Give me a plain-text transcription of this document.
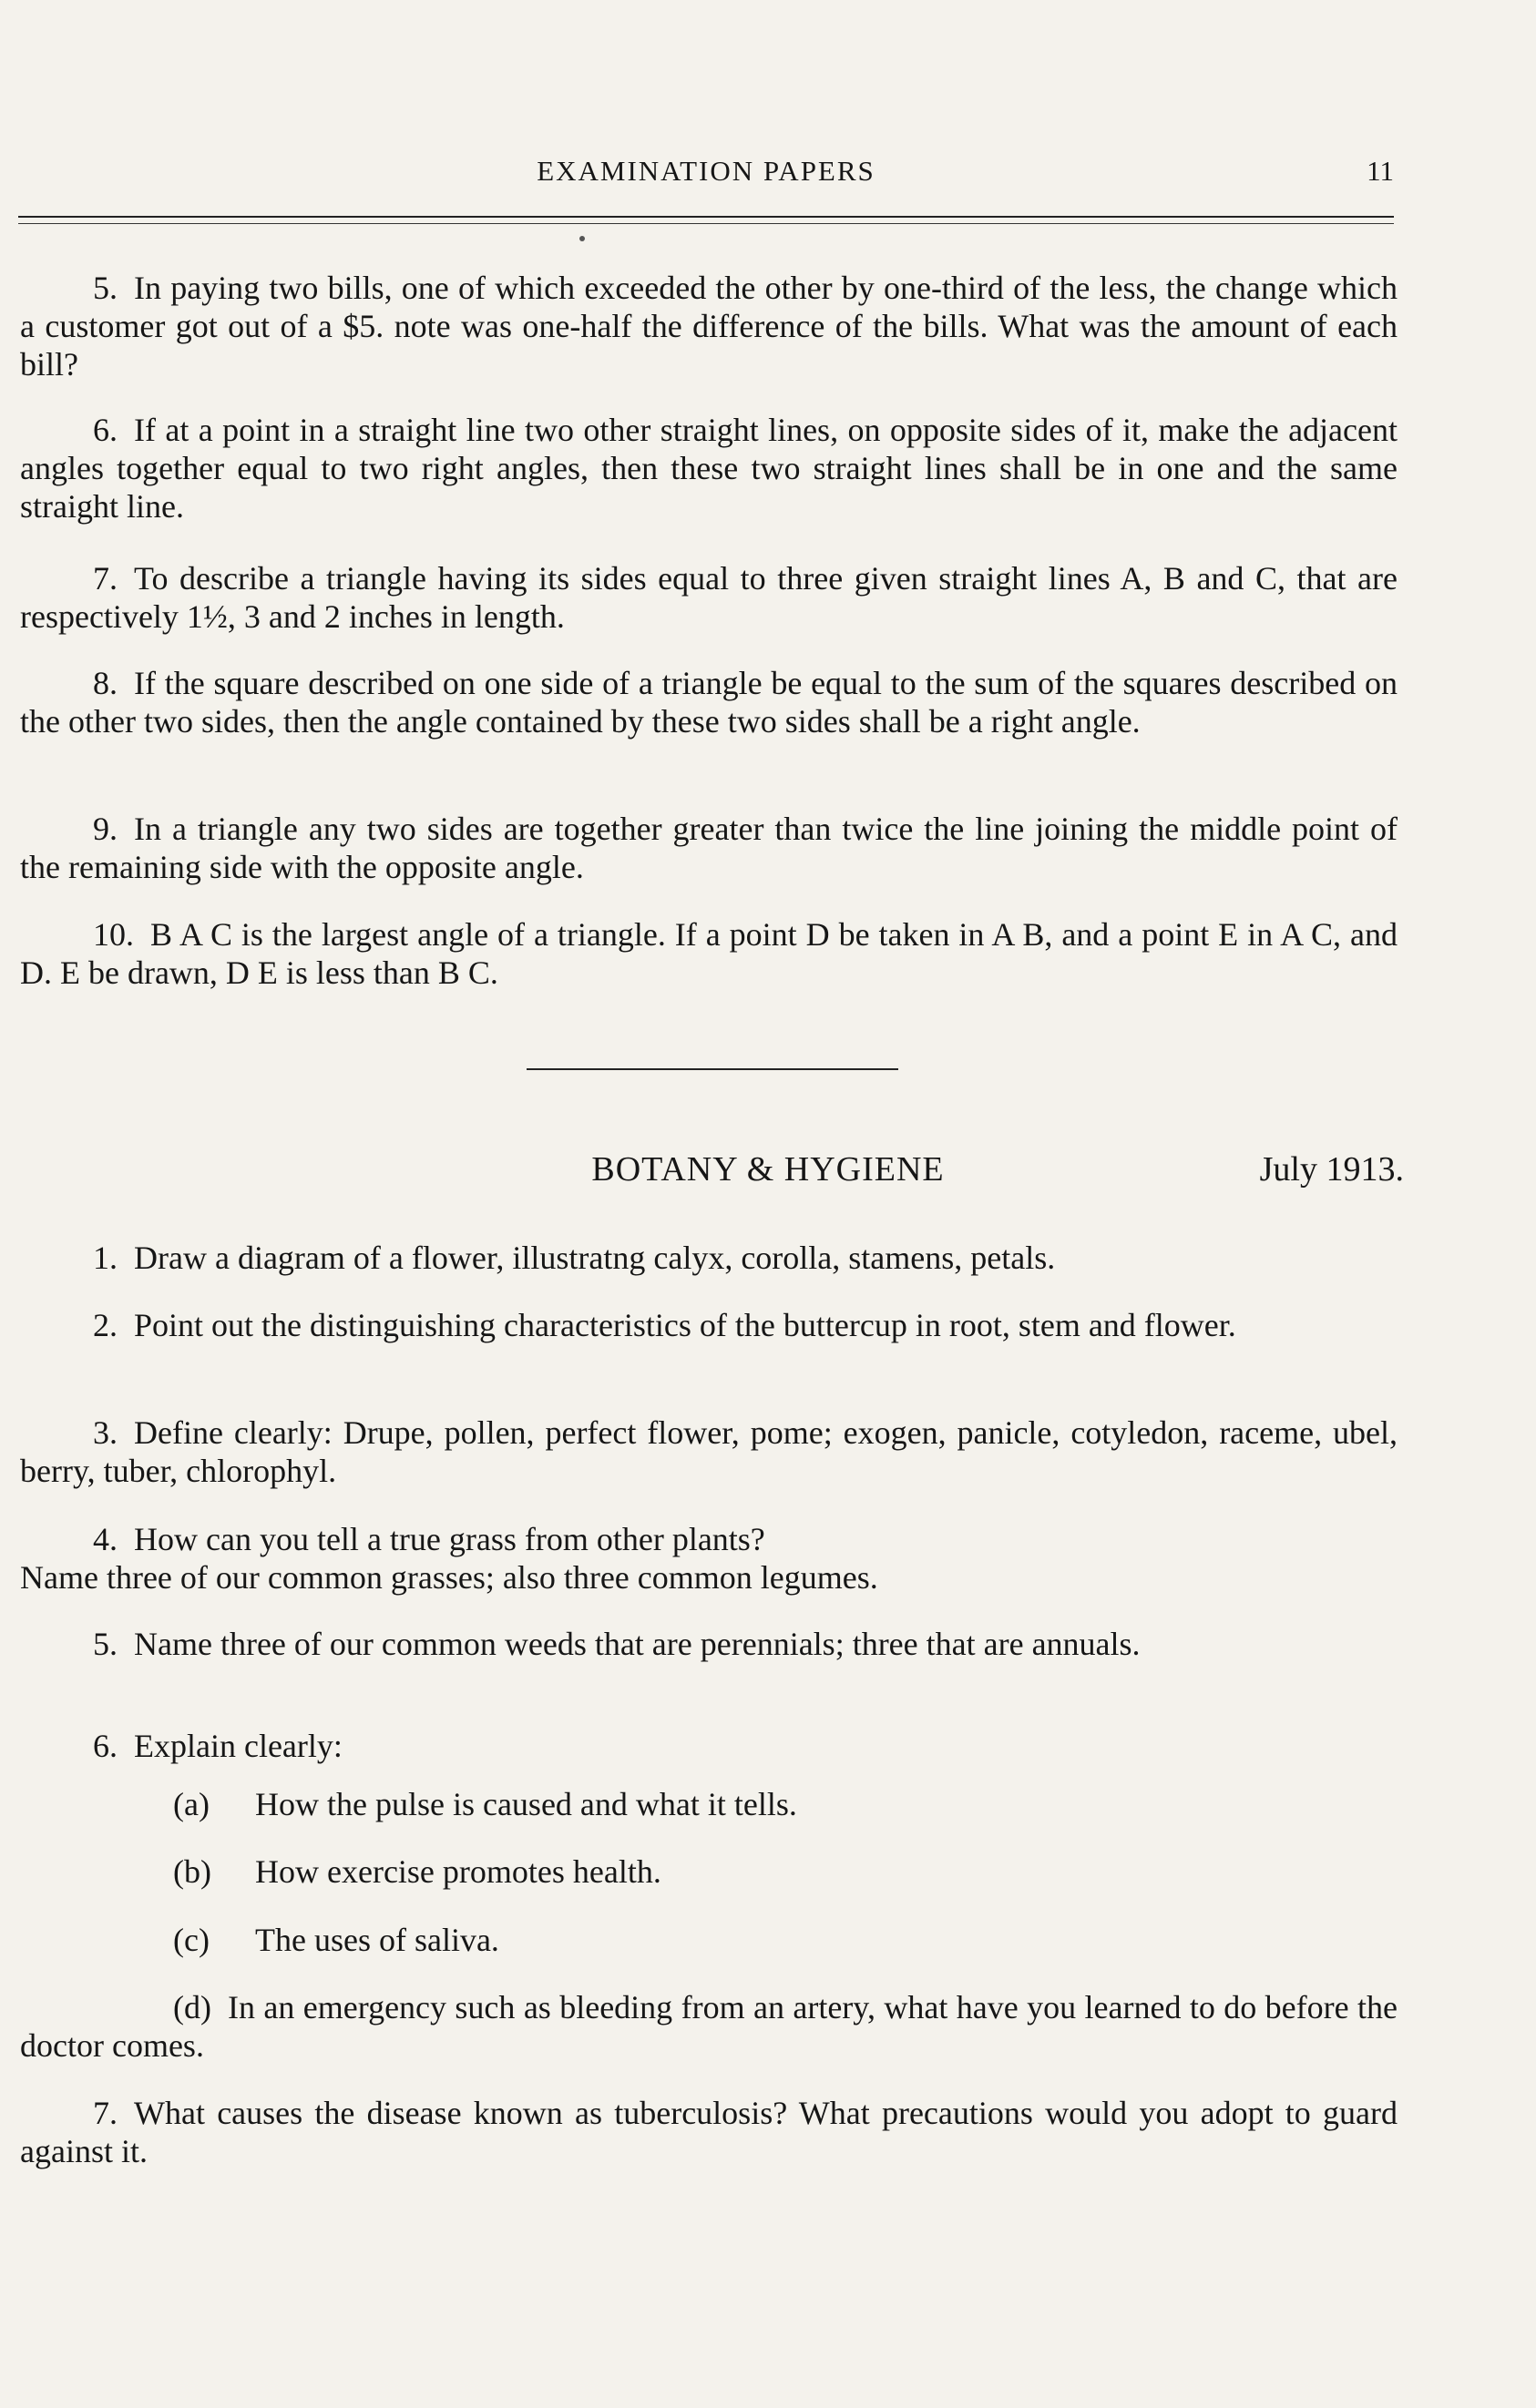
EXAMINATION PAPERS	11

5. In paying two bills, one of which exceeded the other by one-third of the less, the change which a customer got out of a $5. note was one-half the difference of the bills. What was the amount of each bill?

6. If at a point in a straight line two other straight lines, on opposite sides of it, make the adjacent angles together equal to two right angles, then these two straight lines shall be in one and the same straight line.

7. To describe a triangle having its sides equal to three given straight lines A, B and C, that are respectively 1½, 3 and 2 inches in length.

8. If the square described on one side of a triangle be equal to the sum of the squares described on the other two sides, then the angle contained by these two sides shall be a right angle.

9. In a triangle any two sides are together greater than twice the line joining the middle point of the remaining side with the opposite angle.

10. B A C is the largest angle of a triangle. If a point D be taken in A B, and a point E in A C, and D. E be drawn, D E is less than B C.

BOTANY & HYGIENE	July 1913.

1. Draw a diagram of a flower, illustratng calyx, corolla, stamens, petals.

2. Point out the distinguishing characteristics of the buttercup in root, stem and flower.

3. Define clearly: Drupe, pollen, perfect flower, pome; exogen, panicle, cotyledon, raceme, ubel, berry, tuber, chlorophyl.

4. How can you tell a true grass from other plants?

Name three of our common grasses; also three common legumes.

5. Name three of our common weeds that are perennials; three that are annuals.

6. Explain clearly:

(a) How the pulse is caused and what it tells.

(b) How exercise promotes health.

(c) The uses of saliva.

(d) In an emergency such as bleeding from an artery, what have you learned to do before the doctor comes.

7. What causes the disease known as tuberculosis? What precautions would you adopt to guard against it.
